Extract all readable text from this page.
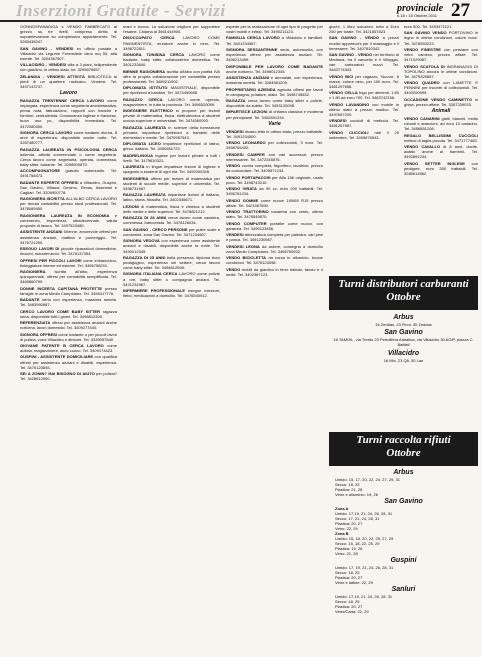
Inserzioni Gratuite - Servizi	provinciale
n.18 • 15 Ottobre 2011 27

GONNOSFANADIGA s VENDO FABBRICATO al grezzo su tre livelli, compreso diritto di sopraelevazione su complessivo appartamento. Tel. 3283438247.

SAN GAVINO - VENDESI ex ufficio postale a Villacidro via Legume Forensiiste vano mq 50, alta esente. Tel. 3204367507.

VILLACIDRO - VENDESI villa a 3 piani, indipendente con giardino, in ottimo stato, tel. 3295870657.

ZELANDIA - VENDESI ATTIVITÀ BIBLIOTECA ai piedi di un quartiere rusticano. Vendesi. Tel. 3497143737.

Lavoro

RAGAZZA TRENTENNE CERCA LAVORO come impiegata, esperienza come segreteria amministrativa, prima nota, fatturazione, rapporti con banche e fornitori, centralinista. Conoscenza inglese e francese, buon uso pc, disponibilità immediata. Tel. 3472080400.

SIGNORA CERCA LAVORO come badante diurna, 8 anni di esperienza, disponibile anche notte. Tel. 3287480777.

RAGAZZA LAUREATA IN PSICOLOGIA CERCA azienda, attività commerciale o come segreteria. Cerca lavoro come segretaria, operaia, commessa, baby sitter, badante. Tel. 3298900679.

ACCOMPAGNATORE gratuito automunito. Tel. 3491758473.

BADANTE ESPERTE OFFRESI a Villacidro, Guspini, San Gavino, Villasor, Decimo, Elmas, Assemini e Cagliari. Tel. 3209900778.

RAGIONIERA ISCRITTA ALL'ALBO CERCA LAVORO per tenuta contabilità presso studi professionali. Tel. 3478089450.

RAGIONIERA LAUREATA IN ECONOMIA e commercio, esperienza ultradecennale, valuta proposte di lavoro. Tel. 3497523480.

ASSISTENTE ANZIANI 50enne, amorevole offresi per assistenza anziani, mattina e pomeriggio. Tel. 3476721290.

ESEGUO LAVORI DI piccole riparazioni domestiche, ritocchi, manutenzioni. Tel. 3478137354.

OFFRESI PER PICCOLI LAVORI come imbianchino, tinteggiature interne ed esterne. Tel. 3456758291.

RAGIONIERA iscritta all'albo, esperienza quinquennale, offresi per contabilità semplificata. Tel. 3465860799.

DONNE INCERTA CAPITANA PROTETTE presso famiglie in zona Medio Campidano. Tel. 3498417776.

BADANTE seria con esperienza, massima serietà. Tel. 3463990887.

CERCO LAVORO COME BABY SITTER ragazza seria, disponibile tutti i giorni. Tel. 3498812300.

REFERENZIATA offresi per assistenza anziani anche notturna, lavori domestici. Tel. 3409277640.

SIGNORA OFFRESI come badante o per piccoli lavori di pulizia, zona Villacidro e dintorni. Tel. 3339057840.

GIOVANE PATENTE B CERCA LAVORO come autista, magazziniere, aiuto cuoco. Tel. 3409174423.

GUSPINI - ASSISTENTE DOMICILIARE con qualifica offresi per assistenza anziani e disabili, esperienza. Tel. 3476123845.

SEI A ZONIN? HAI BISOGNO DI AIUTO per pulizia? Tel. 3428612900.

mani e bocca. La soluzione migliore per sopportare l'esame. Chiama al 3661444900.

DISOCCUPATO CERCA LAVORO COME PAVIMENTISTA, muratore anche in nero. Tel. 3496722811.

SIGNORA TUNISINA CERCA LAVORO come badante, baby sitter, collaboratrice domestica. Tel. 3401233840.

BIENNE RAGIONIERA iscritta all'albo con partita IVA offre la propria collaborazione per contabilità presso professionisti. Tel. 3489211902.

DIPLOMATA ISTITUTO MAGISTRALE, disponibile per ripetizioni a bambini. Tel. 3473490988.

RAGAZZO CERCA LAVORO come operaio, magazziniere, in tutta la provincia. Tel. 3496520099.

INGEGNERE ELETTRICO si propone per lezioni private di matematica, fisica, elettrotecnica a studenti scuola superiore e universitari. Tel. 3474560093.

RAGAZZA LAUREATA in scienze della formazione primaria impartisce ripetizioni a bambini delle elementari e medie. Tel. 3470987543.

DIPLOMATA LICEO impartisce ripetizioni di latino, greco, italiano. Tel. 3450981723.

MADRELINGUA inglese per lezioni private a tutti i livelli. Tel. 3475630321.

LAUREATA in lingue impartisce lezioni di inglese e spagnolo a studenti di ogni età. Tel. 3492000345.

INGEGNERIA offresi per lezioni di matematica per studenti di scuole medie, superiori e università. Tel. 3496731987.

RAGAZZA LAUREATA impartisce lezioni di italiano, latino, storia, filosofia. Tel. 3402345671.

LEZIONI di matematica, fisica e chimica a studenti delle medie e delle superiori. Tel. 3478821212.

RAGAZZA DI 28 ANNI cerca lavoro come cassiera, commessa, banconista. Tel. 3478126034.

SAN GAVINO - CERCO PERSONE per pulire scale e condomini, zona San Gavino. Tel. 3471234667.

SIGNORA VEDOVA con esperienza come assistente anziani e disabili, disponibile anche la notte. Tel. 3490012345.

RAGAZZA DI 25 ANNI bella presenza, diploma liceo pedagogico, esperienza nel settore, cerca lavoro come baby sitter. Tel. 3498812098.

SIGNORA ITALIANA CERCA LAVORO come pulizie a ore, baby sitter o compagnia anziani. Tel. 3421234987.

INFERMIERE PROFESSIONALE esegue iniezioni, flebo, medicazioni a domicilio. Tel. 3476540912.

esperte per la realizzazione di ogni tipo di progetto per vostri mobili e infissi. Tel. 3490211123.

FAMIGLIA CERCA LAVORO a Villacidro e familiari. Tel. 3401234567.

SIGNORA SESSANTENNE seria, automunita, con esperienza offresi per assistenza anziani. Tel. 3456213459.

DISPONIBILE PER LAVORO COME BADANTE anche notturno. Tel. 3498012345.

ASSISTENZA ANZIANI e ammalati, con esperienza, massima serietà. Tel. 3284561209.

PROPRIETARIO AZIENDA agricola offresi per lavori in campagna, potature, sfalci. Tel. 3498745632.

RAGAZZA cerca lavoro come baby sitter o pulizie, disponibile da subito. Tel. 3493120098.

IMPARTISCE LEZIONI di chitarra classica e moderna per principianti. Tel. 3402891234.

Varie

VENDESI divano letto in ottimo stato, prezzo trattabile. Tel. 3491234500.

VENDO LEONARDO per collezionisti, 3 euro. Tel. 3458765432.

VENDESI CAMPER con vari accessori, prezzo interessante. Tel. 3472345876.

VENDO cucina completa, frigorifero, lavatrice, prezzo da concordare. Tel. 3409871234.

VENDO PORTAPACCHI per Alfa 156 originale, usato poco. Tel. 3498743210.

VENDO VIRATA da 90 cc, euro 200 trattabili. Tel. 3456781234.

VENDO GOMME come nuove 195/65 R15 prezzo affare. Tel. 3421567890.

VENDO TRATTORINO tosaerba con cesto, ottimo stato. Tel. 3476549870.

VENDO COMPUTER portatile come nuovo, con garanzia. Tel. 3490123456.

VENDESI attrezzatura completa per palestra, vari pesi e panca. Tel. 3491230987.

VENDESI LEGNA da ardere, consegna a domicilio zona Medio Campidano. Tel. 3498760932.

VENDO BICICLETTA da corsa in alluminio, buone condizioni. Tel. 3476123098.

VENDO mobili da giardino in ferro battuto, tavolo e 4 sedie. Tel. 3402387123.

giochi. 1 libro soluzioni, tutto a Euro 250 per totale. Tel. 3421657823.

SAN GAVINO - VENDO a prezzi modici apparecchi per il massaggio e il benessere. Tel. 3407810342.

SAN GAVINO - VENDO nel territorio di Mediana, tra il cancello e il Villaggio, vari carburatori nuovi. Tel. 3463774343.

VENDO BICI per ragazzo, 'Nuova', 6 marce, colore nero, per 100 euro. Tel. 3481297658.

VENDO CELLA frigo per alimenti, 1.80 x 1.80 ad euro 700. Tel. 3483742156.

VENDO LAVANDINO con mobile in ottimo stato a prezzo modico. Tel. 3497657209.

VENDESI cuccioli di meticcio. Tel. 3481267987.

VENDO CUCCIOLI nati il 29 settembre, Tel. 3409876543.

euro 500. Tel. 3493471121.

SAN GAVINO VENDO PORTOVINO in legno in ottime condizioni, colore noce. Tel. 3476553223.

VENDO FINESTRE con persiane con vetro camera, prezzo affare. Tel. 3471029087.

VENDO SCATOLA DI INGRANAGGI DI TOPOLINO ancora in ottime condizioni. Tel. 3475329857.

VENDO QUADRO con LAMETTE E PENNINI per incontri di collezionisti. Tel. 3493200999.

OCCASIONE VENDO CAMINETTO in ghisa, prezzo affare. Tel. 3287239033.

Animali

VENDO CANARINI gialli, bianchi, molto robusti e arancioni, ad euro 10 cadauno. Tel. 3456851208.

REGALO BELLISSIMI CUCCIOLI meticci di taglia piccola. Tel. 3471777463.

VENDO CAVALLO di 8 anni, docile, adatto anche ai bambini. Tel. 3492891234.

VENDO SETTER INGLESE con pedigree, euro 350 trattabili. Tel. 3285614562.

Turni distributori carburanti
Ottobre
Arbus
16 Zeddas, 23 Finol, 30 Zeddas
San Gavino
16 TAMOIL, via Trento 23 Petrolifera Adriatica, via Villacidro 30 AGIP, piazza C. Battisti
Villacidro
16 Mio, 23 Q8, 30 Lao
Turni raccolta rifiuti
Ottobre
Arbus
Umido: 15, 17, 20, 22, 24, 27, 29, 31
Secco: 18, 25
Plastica: 21, 28
Vetro e alluminio: 19, 26
San Gavino
Zona A
Umido: 17,19, 21, 24, 26, 28, 31
Secco: 17, 21, 24, 28, 31
Plastica: 20, 27
Vetro: 22, 29
Zona B
Umido: 15, 18, 20, 22, 25, 27, 29
Secco: 15, 18, 22, 25, 29
Plastica: 19, 26
Vetro: 21, 28
Guspini
Umido: 17, 19, 21, 24, 26, 28, 31
Secco: 18, 25
Plastica: 20, 27
Vetro e lattine: 22, 29
Sanluri
Umido: 17,19, 21, 24, 26, 28, 31
Secco: 18, 25
Plastica: 20, 27
Vetro/Carta: 22, 29
